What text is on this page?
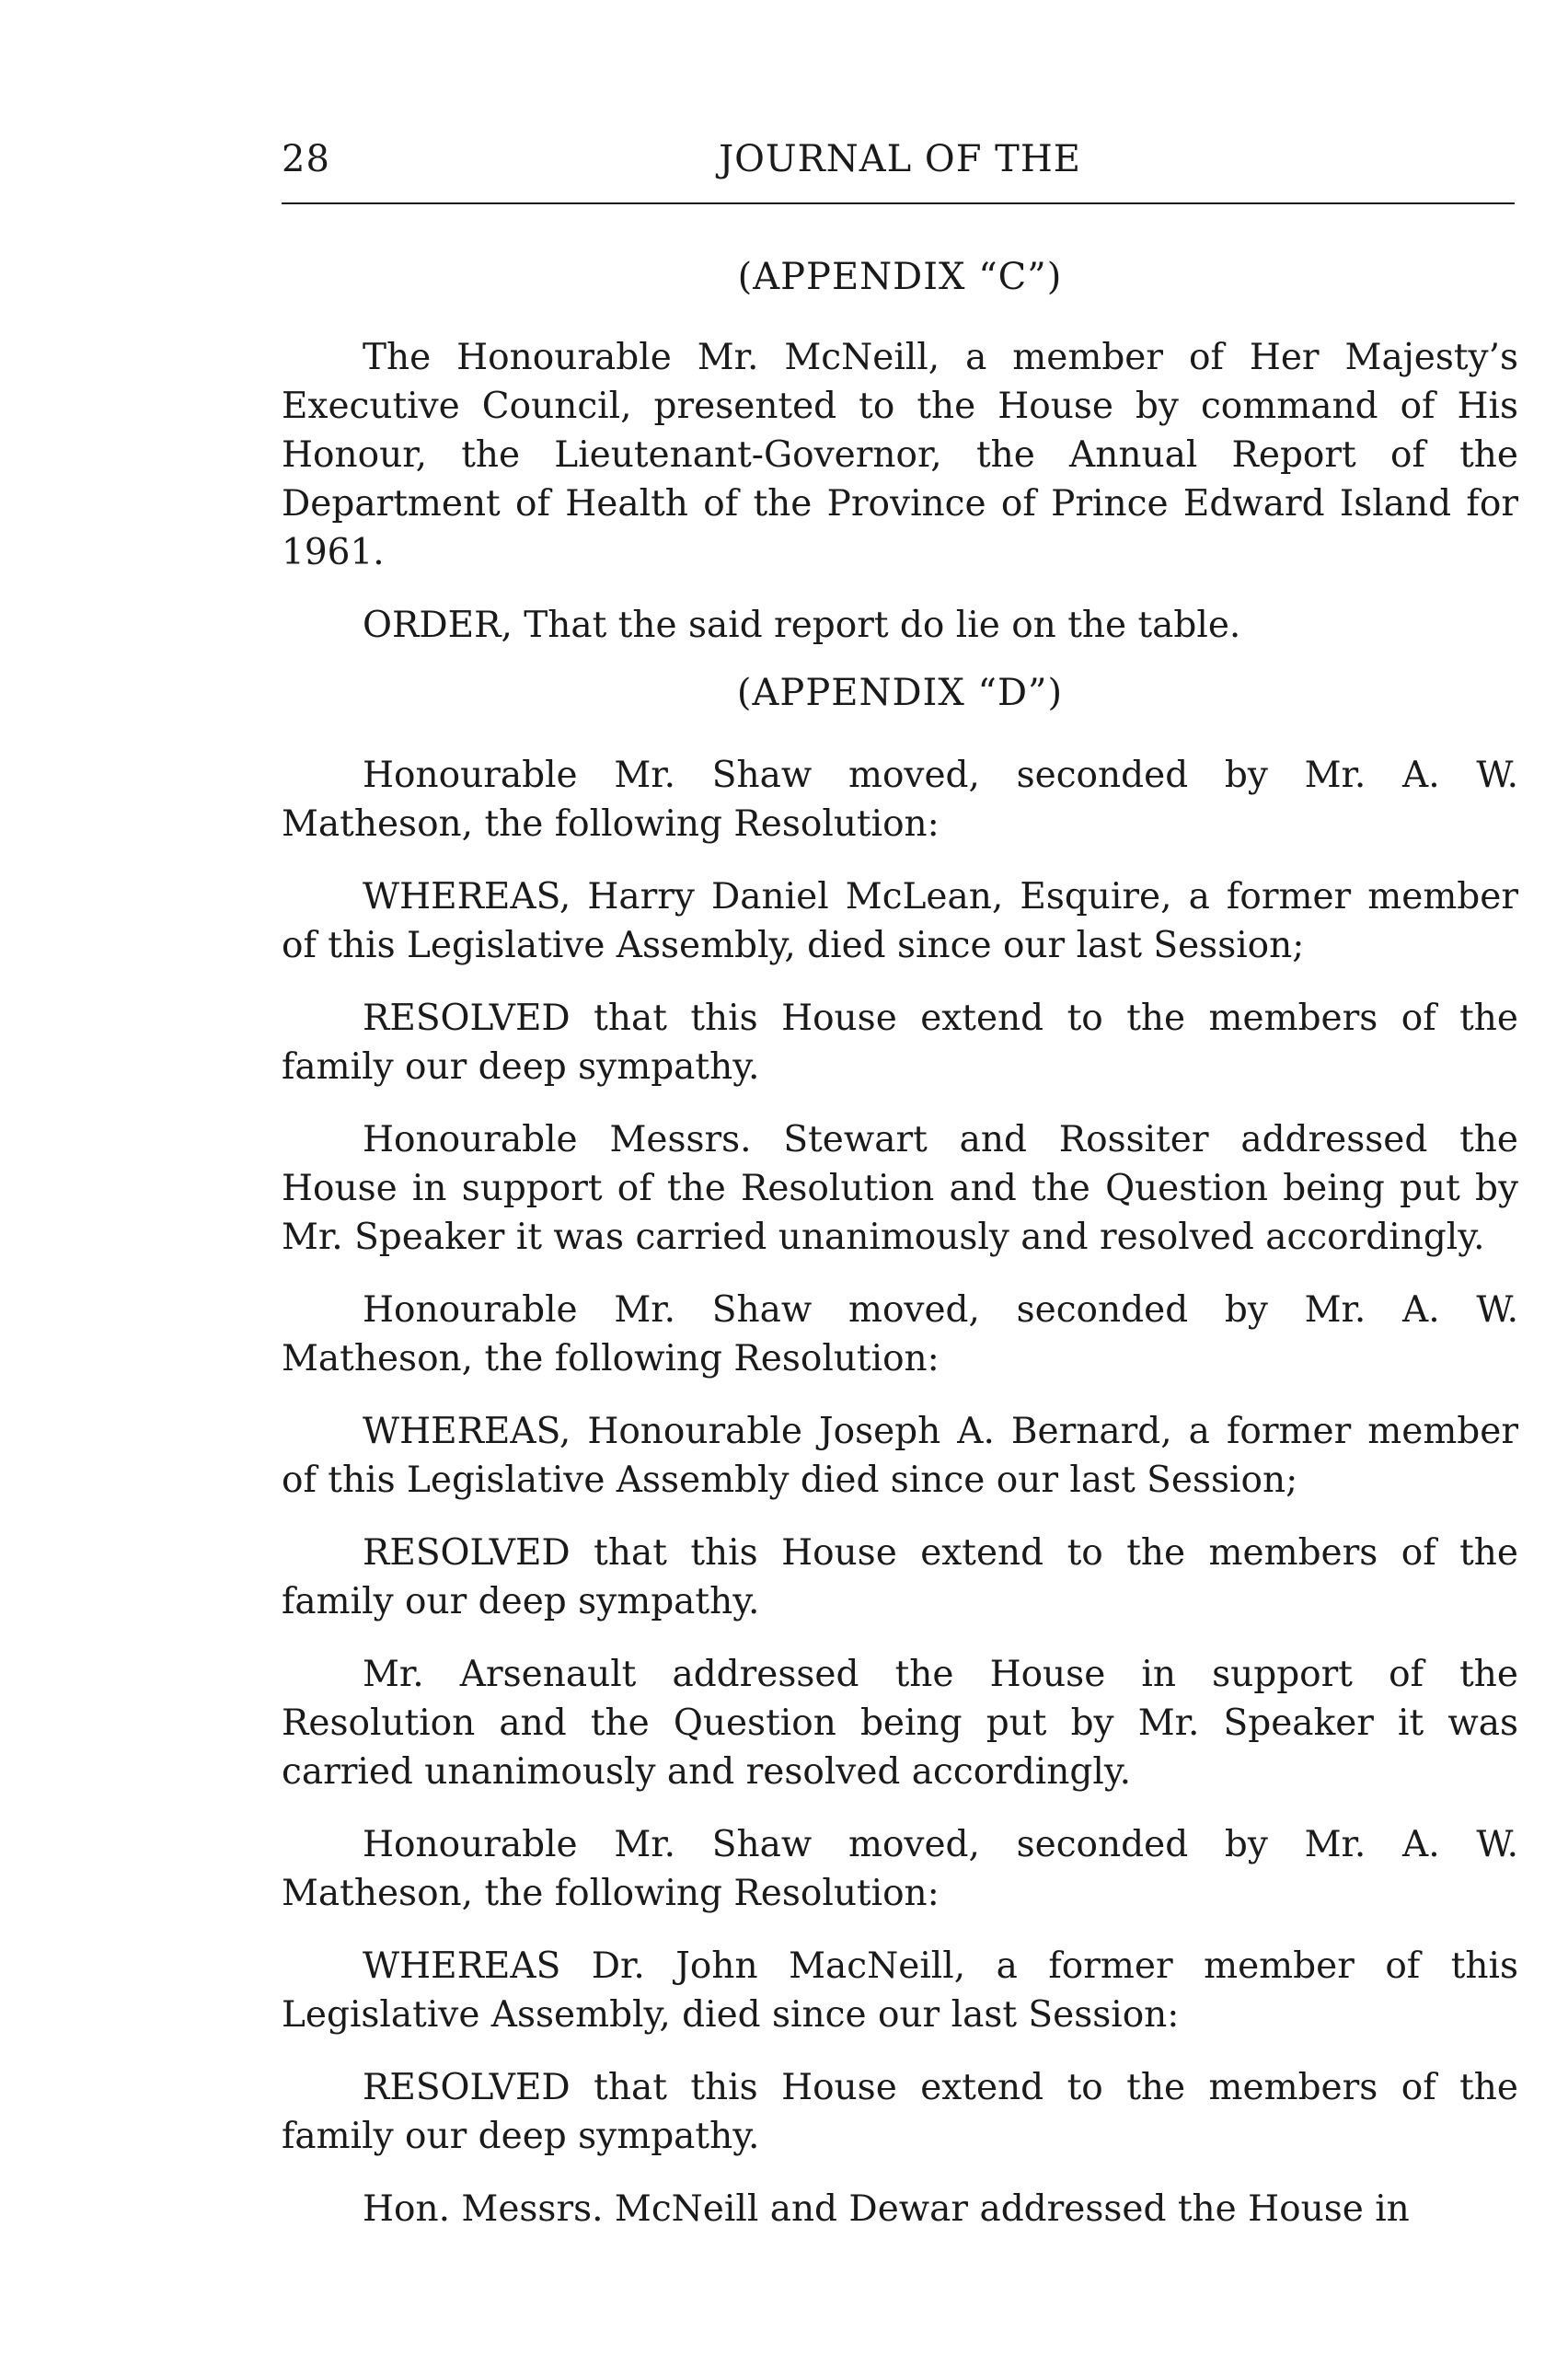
28	JOURNAL OF THE
(APPENDIX “C”)

The Honourable Mr. McNeill, a member of Her Majesty’s Executive Council, presented to the House by command of His Honour, the Lieutenant-Governor, the Annual Report of the Department of Health of the Province of Prince Edward Island for 1961.

ORDER, That the said report do lie on the table.

(APPENDIX “D”)

Honourable Mr. Shaw moved, seconded by Mr. A. W. Matheson, the following Resolution:

WHEREAS, Harry Daniel McLean, Esquire, a former member of this Legislative Assembly, died since our last Session;

RESOLVED that this House extend to the members of the family our deep sympathy.

Honourable Messrs. Stewart and Rossiter addressed the House in support of the Resolution and the Question being put by Mr. Speaker it was carried unanimously and resolved accordingly.

Honourable Mr. Shaw moved, seconded by Mr. A. W. Matheson, the following Resolution:

WHEREAS, Honourable Joseph A. Bernard, a former member of this Legislative Assembly died since our last Session;

RESOLVED that this House extend to the members of the family our deep sympathy.

Mr. Arsenault addressed the House in support of the Resolution and the Question being put by Mr. Speaker it was carried unanimously and resolved accordingly.

Honourable Mr. Shaw moved, seconded by Mr. A. W. Matheson, the following Resolution:

WHEREAS Dr. John MacNeill, a former member of this Legislative Assembly, died since our last Session:

RESOLVED that this House extend to the members of the family our deep sympathy.

Hon. Messrs. McNeill and Dewar addressed the House in
